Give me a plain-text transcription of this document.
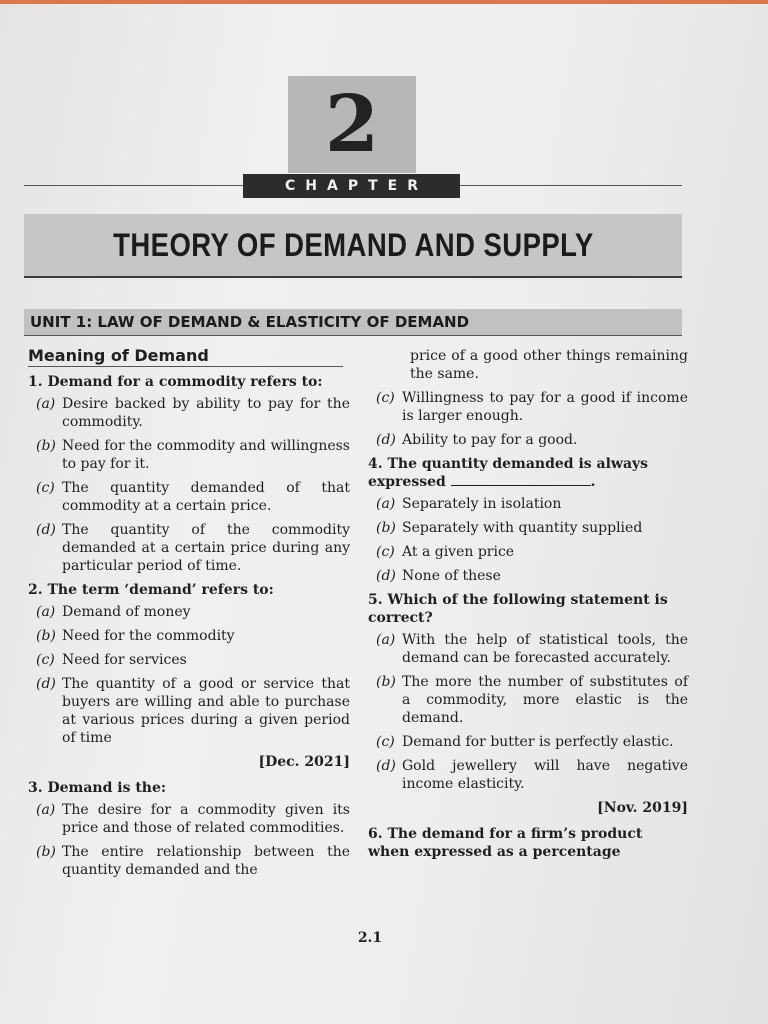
2
CHAPTER
THEORY OF DEMAND AND SUPPLY
UNIT 1: LAW OF DEMAND & ELASTICITY OF DEMAND
Meaning of Demand
1. Demand for a commodity refers to:
(a) Desire backed by ability to pay for the commodity.
(b) Need for the commodity and willingness to pay for it.
(c) The quantity demanded of that commodity at a certain price.
(d) The quantity of the commodity demanded at a certain price during any particular period of time.
2. The term ‘demand’ refers to:
(a) Demand of money
(b) Need for the commodity
(c) Need for services
(d) The quantity of a good or service that buyers are willing and able to purchase at various prices during a given period of time
[Dec. 2021]
3. Demand is the:
(a) The desire for a commodity given its price and those of related commodities.
(b) The entire relationship between the quantity demanded and the
price of a good other things remaining the same.
(c) Willingness to pay for a good if income is larger enough.
(d) Ability to pay for a good.
4. The quantity demanded is always expressed	.
(a) Separately in isolation
(b) Separately with quantity supplied
(c) At a given price
(d) None of these
5. Which of the following statement is correct?
(a) With the help of statistical tools, the demand can be forecasted accurately.
(b) The more the number of substitutes of a commodity, more elastic is the demand.
(c) Demand for butter is perfectly elastic.
(d) Gold jewellery will have negative income elasticity.
[Nov. 2019]
6. The demand for a firm’s product when expressed as a percentage
2.1
